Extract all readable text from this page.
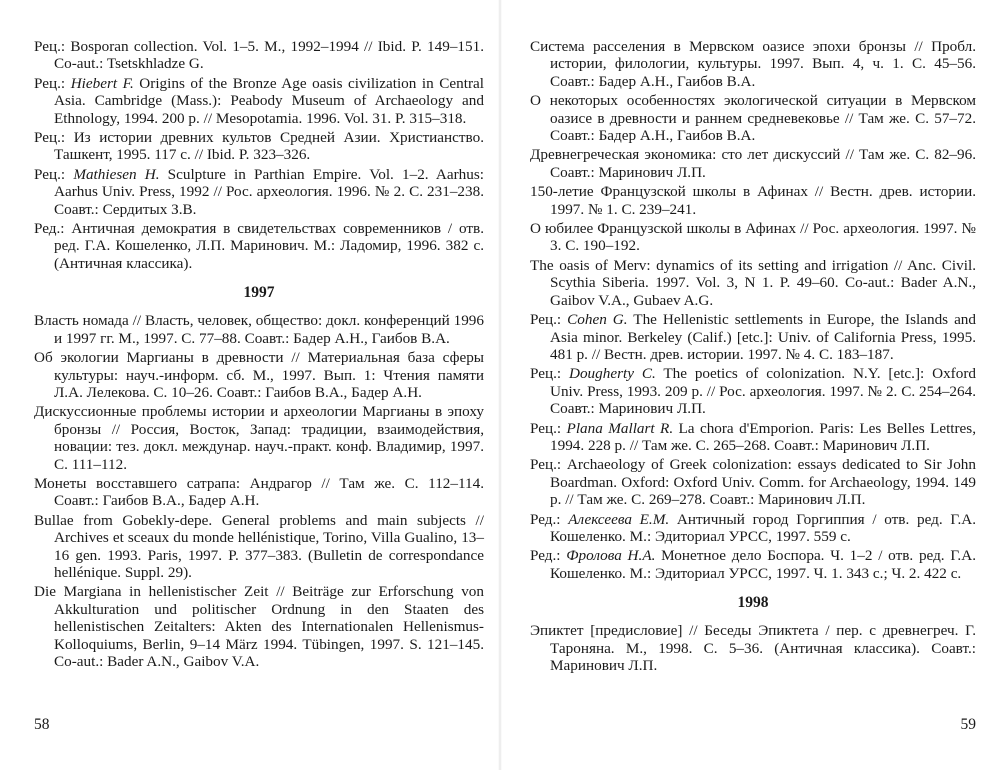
Рец.: Bosporan collection. Vol. 1–5. M., 1992–1994 // Ibid. P. 149–151. Co-aut.: Tsetskhladze G.

Рец.: Hiebert F. Origins of the Bronze Age oasis civilization in Central Asia. Cambridge (Mass.): Peabody Museum of Archaeology and Ethnology, 1994. 200 p. // Mesopotamia. 1996. Vol. 31. P. 315–318.

Рец.: Из истории древних культов Средней Азии. Христианство. Ташкент, 1995. 117 c. // Ibid. P. 323–326.

Рец.: Mathiesen H. Sculpture in Parthian Empire. Vol. 1–2. Aarhus: Aarhus Univ. Press, 1992 // Рос. археология. 1996. № 2. С. 231–238. Соавт.: Сердитых З.В.

Ред.: Античная демократия в свидетельствах современников / отв. ред. Г.А. Кошеленко, Л.П. Маринович. М.: Ладомир, 1996. 382 с. (Античная классика).

1997

Власть номада // Власть, человек, общество: докл. конференций 1996 и 1997 гг. М., 1997. С. 77–88. Соавт.: Бадер А.Н., Гаибов В.А.

Об экологии Маргианы в древности // Материальная база сферы культуры: науч.-информ. сб. М., 1997. Вып. 1: Чтения памяти Л.А. Лелекова. С. 10–26. Соавт.: Гаибов В.А., Бадер А.Н.

Дискуссионные проблемы истории и археологии Маргианы в эпоху бронзы // Россия, Восток, Запад: традиции, взаимодействия, новации: тез. докл. междунар. науч.-практ. конф. Владимир, 1997. С. 111–112.

Монеты восставшего сатрапа: Андрагор // Там же. С. 112–114. Соавт.: Гаибов В.А., Бадер А.Н.

Bullae from Gobekly-depe. General problems and main subjects // Archives et sceaux du monde hellénistique, Torino, Villa Gualino, 13–16 gen. 1993. Paris, 1997. P. 377–383. (Bulletin de correspondance hellénique. Suppl. 29).

Die Margiana in hellenistischer Zeit // Beiträge zur Erforschung von Akkulturation und politischer Ordnung in den Staaten des hellenistischen Zeitalters: Akten des Internationalen Hellenismus-Kolloquiums, Berlin, 9–14 März 1994. Tübingen, 1997. S. 121–145. Co-aut.: Bader A.N., Gaibov V.A.

58

Система расселения в Мервском оазисе эпохи бронзы // Пробл. истории, филологии, культуры. 1997. Вып. 4, ч. 1. С. 45–56. Соавт.: Бадер А.Н., Гаибов В.А.

О некоторых особенностях экологической ситуации в Мервском оазисе в древности и раннем средневековье // Там же. С. 57–72. Соавт.: Бадер А.Н., Гаибов В.А.

Древнегреческая экономика: сто лет дискуссий // Там же. С. 82–96. Соавт.: Маринович Л.П.

150-летие Французской школы в Афинах // Вестн. древ. истории. 1997. № 1. С. 239–241.

О юбилее Французской школы в Афинах // Рос. археология. 1997. № 3. С. 190–192.

The oasis of Merv: dynamics of its setting and irrigation // Anc. Civil. Scythia Siberia. 1997. Vol. 3, N 1. P. 49–60. Co-aut.: Bader A.N., Gaibov V.A., Gubaev A.G.

Рец.: Cohen G. The Hellenistic settlements in Europe, the Islands and Asia minor. Berkeley (Calif.) [etc.]: Univ. of California Press, 1995. 481 p. // Вестн. древ. истории. 1997. № 4. С. 183–187.

Рец.: Dougherty C. The poetics of colonization. N.Y. [etc.]: Oxford Univ. Press, 1993. 209 p. // Рос. археология. 1997. № 2. С. 254–264. Соавт.: Маринович Л.П.

Рец.: Plana Mallart R. La chora d'Emporion. Paris: Les Belles Lettres, 1994. 228 p. // Там же. С. 265–268. Соавт.: Маринович Л.П.

Рец.: Archaeology of Greek colonization: essays dedicated to Sir John Boardman. Oxford: Oxford Univ. Comm. for Archaeology, 1994. 149 p. // Там же. С. 269–278. Соавт.: Маринович Л.П.

Ред.: Алексеева Е.М. Античный город Горгиппия / отв. ред. Г.А. Кошеленко. М.: Эдиториал УРСС, 1997. 559 с.

Ред.: Фролова Н.А. Монетное дело Боспора. Ч. 1–2 / отв. ред. Г.А. Кошеленко. М.: Эдиториал УРСС, 1997. Ч. 1. 343 с.; Ч. 2. 422 с.

1998

Эпиктет [предисловие] // Беседы Эпиктета / пер. с древнегреч. Г. Тароняна. М., 1998. С. 5–36. (Античная классика). Соавт.: Маринович Л.П.

59
